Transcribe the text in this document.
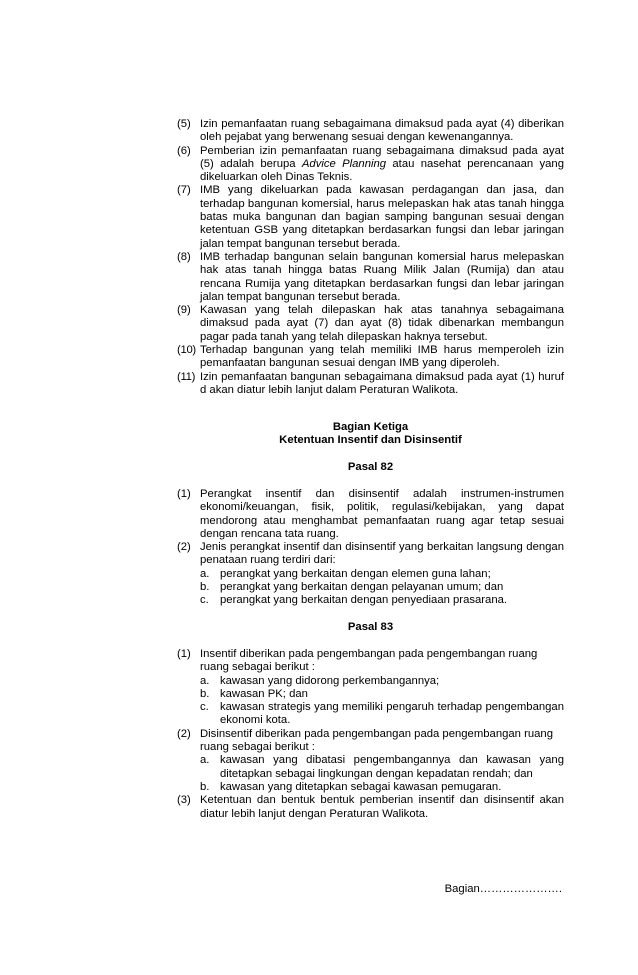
(5) Izin pemanfaatan ruang sebagaimana dimaksud pada ayat (4) diberikan oleh pejabat yang berwenang sesuai dengan kewenangannya.
(6) Pemberian izin pemanfaatan ruang sebagaimana dimaksud pada ayat (5) adalah berupa Advice Planning atau nasehat perencanaan yang dikeluarkan oleh Dinas Teknis.
(7) IMB yang dikeluarkan pada kawasan perdagangan dan jasa, dan terhadap bangunan komersial, harus melepaskan hak atas tanah hingga batas muka bangunan dan bagian samping bangunan sesuai dengan ketentuan GSB yang ditetapkan berdasarkan fungsi dan lebar jaringan jalan tempat bangunan tersebut berada.
(8) IMB terhadap bangunan selain bangunan komersial harus melepaskan hak atas tanah hingga batas Ruang Milik Jalan (Rumija) dan atau rencana Rumija yang ditetapkan berdasarkan fungsi dan lebar jaringan jalan tempat bangunan tersebut berada.
(9) Kawasan yang telah dilepaskan hak atas tanahnya sebagaimana dimaksud pada ayat (7) dan ayat (8) tidak dibenarkan membangun pagar pada tanah yang telah dilepaskan haknya tersebut.
(10) Terhadap bangunan yang telah memiliki IMB harus memperoleh izin pemanfaatan bangunan sesuai dengan IMB yang diperoleh.
(11) Izin pemanfaatan bangunan sebagaimana dimaksud pada ayat (1) huruf d akan diatur lebih lanjut dalam Peraturan Walikota.
Bagian Ketiga
Ketentuan Insentif dan Disinsentif
Pasal 82
(1) Perangkat insentif dan disinsentif adalah instrumen-instrumen ekonomi/keuangan, fisik, politik, regulasi/kebijakan, yang dapat mendorong atau menghambat pemanfaatan ruang agar tetap sesuai dengan rencana tata ruang.
(2) Jenis perangkat insentif dan disinsentif yang berkaitan langsung dengan penataan ruang terdiri dari:
a. perangkat yang berkaitan dengan elemen guna lahan;
b. perangkat yang berkaitan dengan pelayanan umum; dan
c. perangkat yang berkaitan dengan penyediaan prasarana.
Pasal 83
(1) Insentif diberikan pada pengembangan pada pengembangan ruang ruang sebagai berikut :
a. kawasan yang didorong perkembangannya;
b. kawasan PK; dan
c. kawasan strategis yang memiliki pengaruh terhadap pengembangan ekonomi kota.
(2) Disinsentif diberikan pada pengembangan pada pengembangan ruang ruang sebagai berikut :
a. kawasan yang dibatasi pengembangannya dan kawasan yang ditetapkan sebagai lingkungan dengan kepadatan rendah; dan
b. kawasan yang ditetapkan sebagai kawasan pemugaran.
(3) Ketentuan dan bentuk bentuk pemberian insentif dan disinsentif akan diatur lebih lanjut dengan Peraturan Walikota.
Bagian………………….
